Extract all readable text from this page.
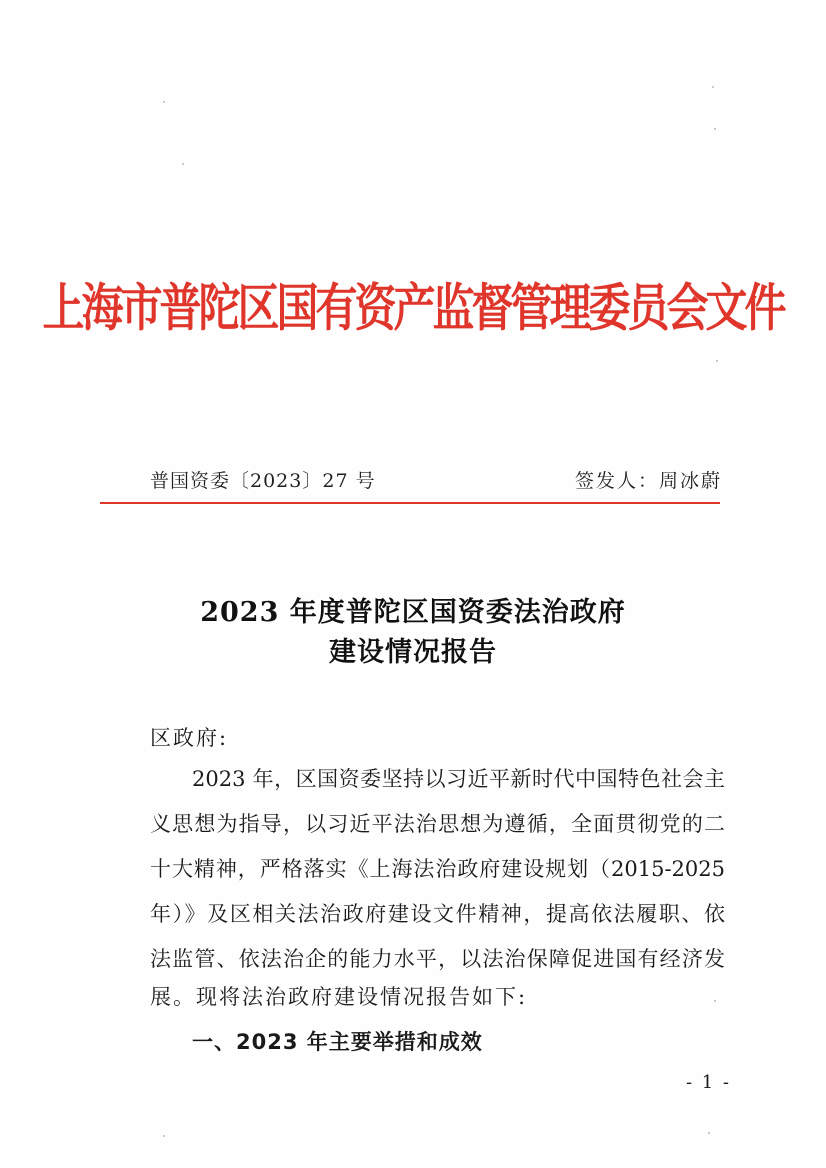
上海市普陀区国有资产监督管理委员会文件
普国资委〔2023〕27 号	签发人：周冰蔚
2023 年度普陀区国资委法治政府
建设情况报告
区政府:
2023 年，区国资委坚持以习近平新时代中国特色社会主
义思想为指导，以习近平法治思想为遵循，全面贯彻党的二
十大精神，严格落实《上海法治政府建设规划（2015-2025
年）》及区相关法治政府建设文件精神，提高依法履职、依
法监管、依法治企的能力水平，以法治保障促进国有经济发
展。现将法治政府建设情况报告如下:
一、2023 年主要举措和成效
- 1 -
